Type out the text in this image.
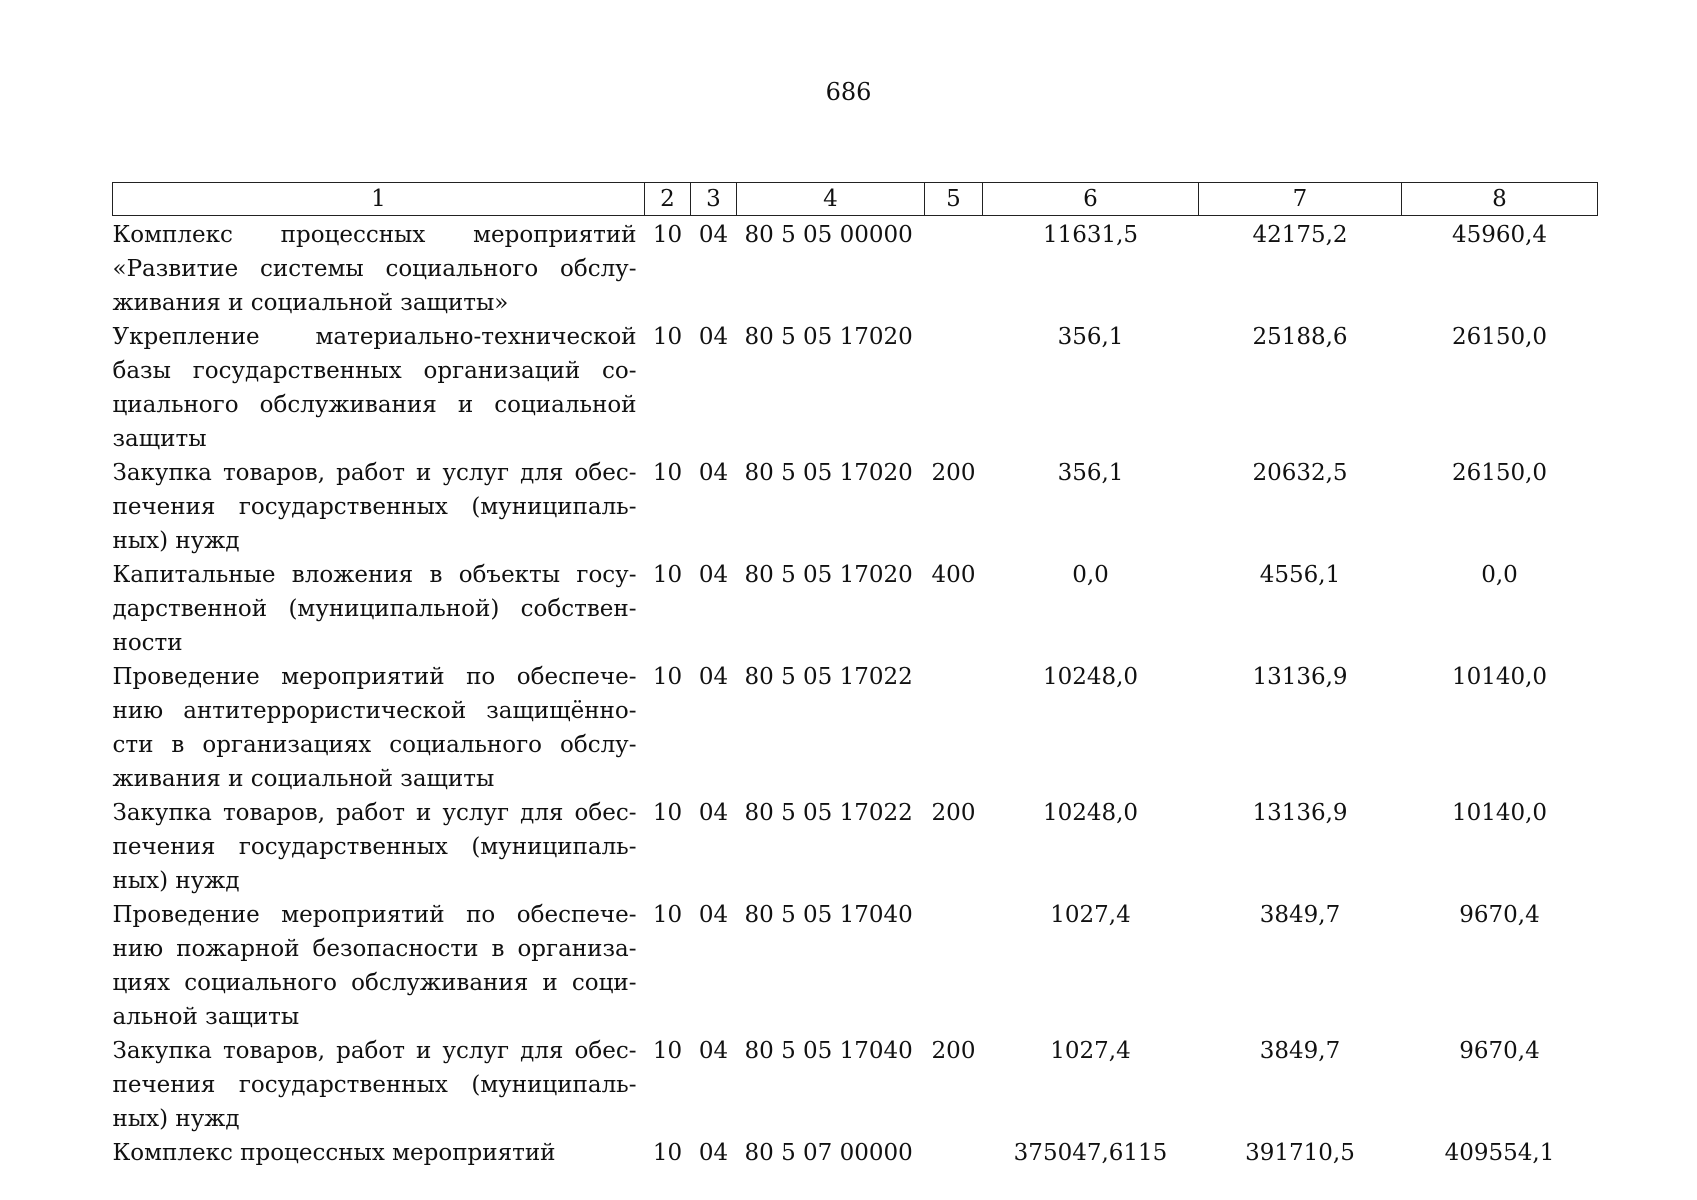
686
1	2	3	4	5	6	7	8
Комплекс процессных мероприятий «Развитие системы социального обслуживания и социальной защиты»	10	04	80 5 05 00000		11631,5	42175,2	45960,4
Укрепление материально-технической базы государственных организаций социального обслуживания и социальной защиты	10	04	80 5 05 17020		356,1	25188,6	26150,0
Закупка товаров, работ и услуг для обеспечения государственных (муниципальных) нужд	10	04	80 5 05 17020	200	356,1	20632,5	26150,0
Капитальные вложения в объекты государственной (муниципальной) собственности	10	04	80 5 05 17020	400	0,0	4556,1	0,0
Проведение мероприятий по обеспечению антитеррористической защищённости в организациях социального обслуживания и социальной защиты	10	04	80 5 05 17022		10248,0	13136,9	10140,0
Закупка товаров, работ и услуг для обеспечения государственных (муниципальных) нужд	10	04	80 5 05 17022	200	10248,0	13136,9	10140,0
Проведение мероприятий по обеспечению пожарной безопасности в организациях социального обслуживания и социальной защиты	10	04	80 5 05 17040		1027,4	3849,7	9670,4
Закупка товаров, работ и услуг для обеспечения государственных (муниципальных) нужд	10	04	80 5 05 17040	200	1027,4	3849,7	9670,4
Комплекс процессных мероприятий	10	04	80 5 07 00000		375047,6115	391710,5	409554,1
